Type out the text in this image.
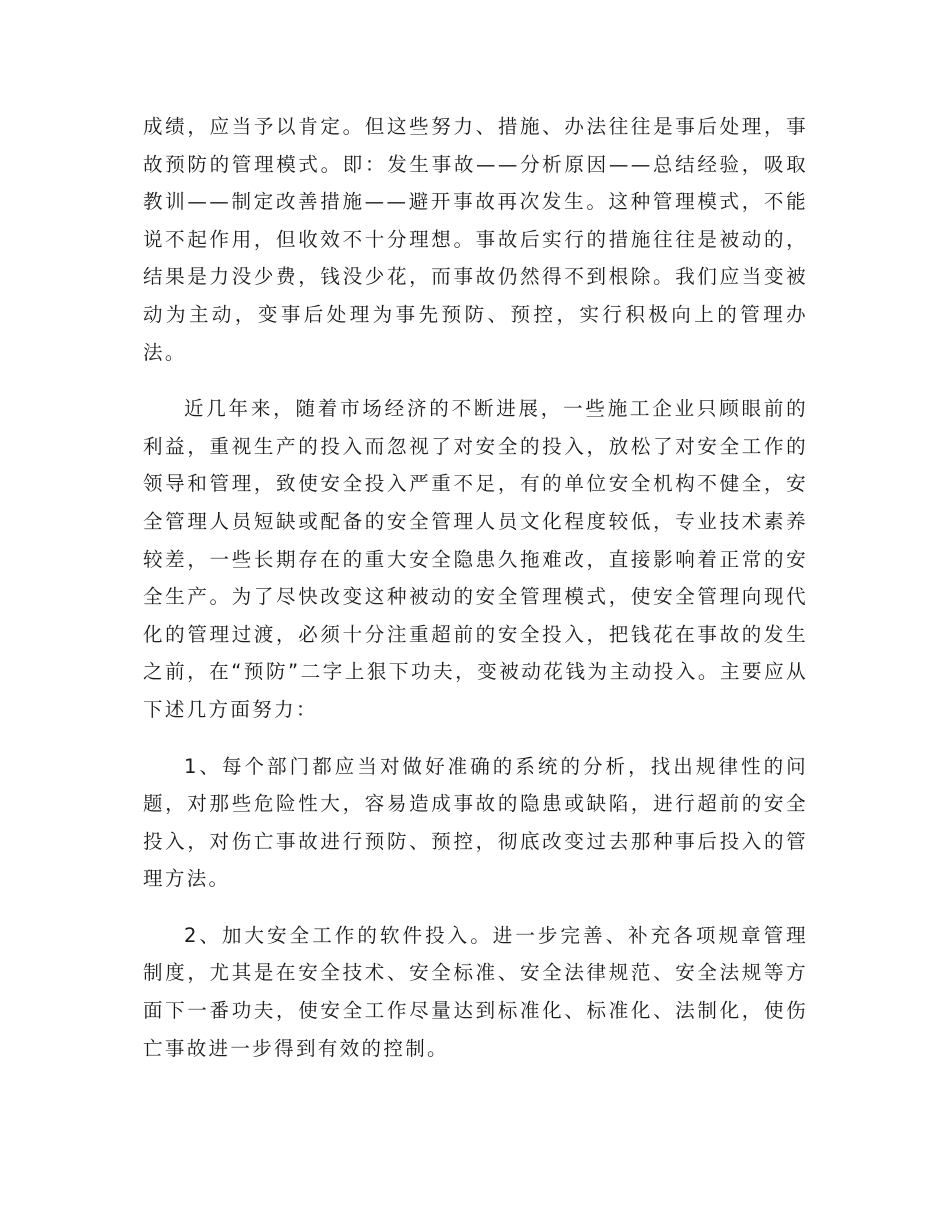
成绩，应当予以肯定。但这些努力、措施、办法往往是事后处理，事故预防的管理模式。即：发生事故——分析原因——总结经验，吸取教训——制定改善措施——避开事故再次发生。这种管理模式，不能说不起作用，但收效不十分理想。事故后实行的措施往往是被动的，结果是力没少费，钱没少花，而事故仍然得不到根除。我们应当变被动为主动，变事后处理为事先预防、预控，实行积极向上的管理办法。

近几年来，随着市场经济的不断进展，一些施工企业只顾眼前的利益，重视生产的投入而忽视了对安全的投入，放松了对安全工作的领导和管理，致使安全投入严重不足，有的单位安全机构不健全，安全管理人员短缺或配备的安全管理人员文化程度较低，专业技术素养较差，一些长期存在的重大安全隐患久拖难改，直接影响着正常的安全生产。为了尽快改变这种被动的安全管理模式，使安全管理向现代化的管理过渡，必须十分注重超前的安全投入，把钱花在事故的发生之前，在“预防”二字上狠下功夫，变被动花钱为主动投入。主要应从下述几方面努力：

1、每个部门都应当对做好准确的系统的分析，找出规律性的问题，对那些危险性大，容易造成事故的隐患或缺陷，进行超前的安全投入，对伤亡事故进行预防、预控，彻底改变过去那种事后投入的管理方法。

2、加大安全工作的软件投入。进一步完善、补充各项规章管理制度，尤其是在安全技术、安全标准、安全法律规范、安全法规等方面下一番功夫，使安全工作尽量达到标准化、标准化、法制化，使伤亡事故进一步得到有效的控制。
